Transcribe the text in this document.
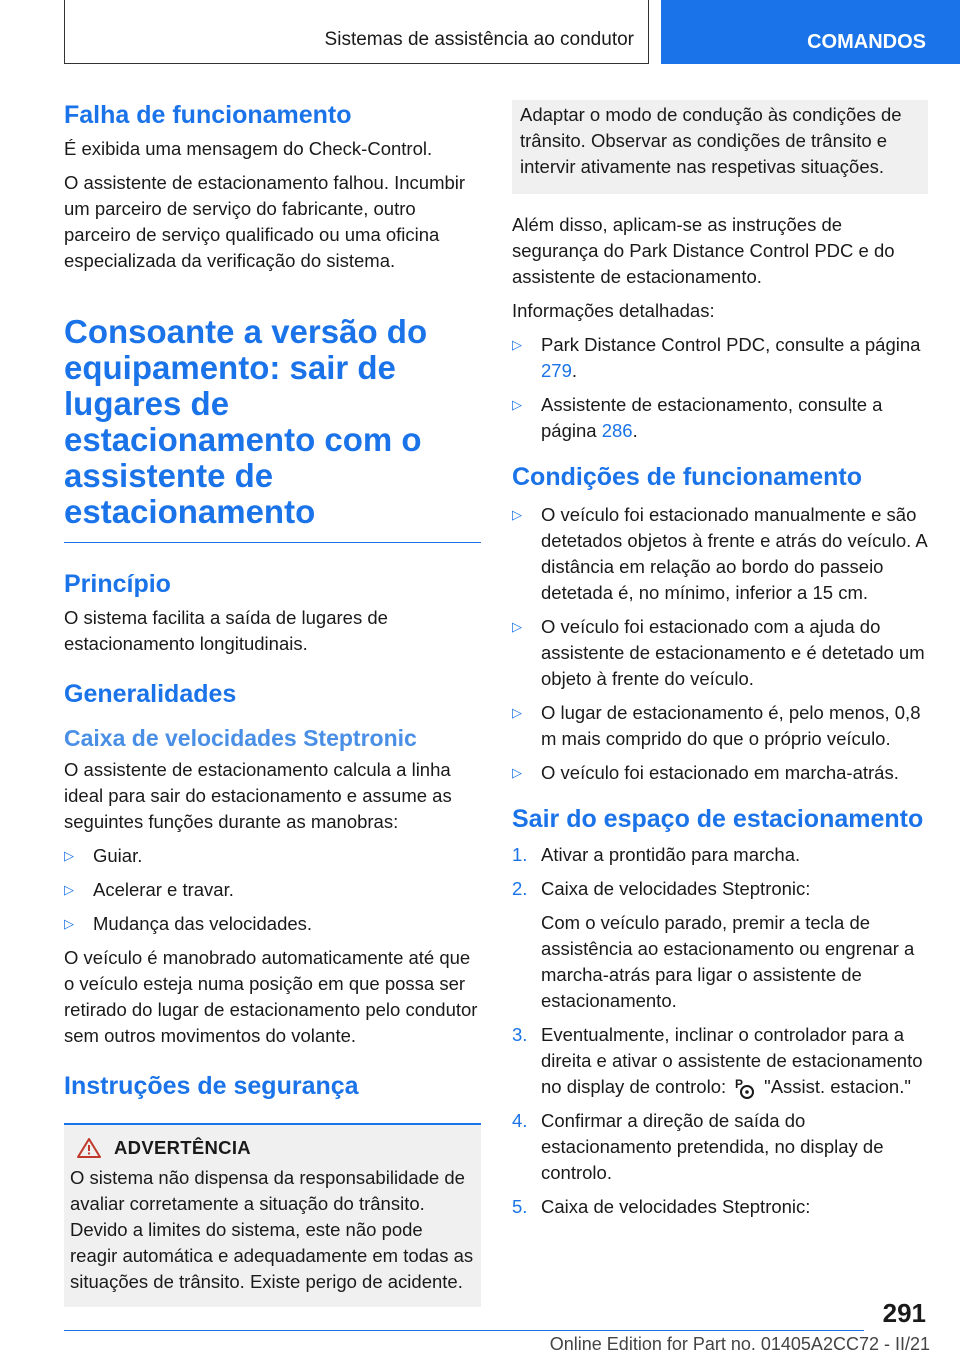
Sistemas de assistência ao condutor	COMANDOS
Falha de funcionamento

É exibida uma mensagem do Check-Control.

O assistente de estacionamento falhou. Incumbir um parceiro de serviço do fabricante, outro parceiro de serviço qualificado ou uma oficina especializada da verificação do sistema.

Consoante a versão do equipamento: sair de lugares de estacionamento com o assistente de estacionamento
Princípio

O sistema facilita a saída de lugares de estacionamento longitudinais.

Generalidades
Caixa de velocidades Steptronic

O assistente de estacionamento calcula a linha ideal para sair do estacionamento e assume as seguintes funções durante as manobras:

▷ Guiar.
▷ Acelerar e travar.
▷ Mudança das velocidades.

O veículo é manobrado automaticamente até que o veículo esteja numa posição em que possa ser retirado do lugar de estacionamento pelo condutor sem outros movimentos do volante.

Instruções de segurança
ADVERTÊNCIA

O sistema não dispensa da responsabilidade de avaliar corretamente a situação do trânsito. Devido a limites do sistema, este não pode reagir automática e adequadamente em todas as situações de trânsito. Existe perigo de acidente.

Adaptar o modo de condução às condições de trânsito. Observar as condições de trânsito e intervir ativamente nas respetivas situações.

Além disso, aplicam-se as instruções de segurança do Park Distance Control PDC e do assistente de estacionamento.

Informações detalhadas:

▷ Park Distance Control PDC, consulte a página 279.
▷ Assistente de estacionamento, consulte a página 286.
Condições de funcionamento
▷ O veículo foi estacionado manualmente e são detetados objetos à frente e atrás do veículo. A distância em relação ao bordo do passeio detetada é, no mínimo, inferior a 15 cm.
▷ O veículo foi estacionado com a ajuda do assistente de estacionamento e é detetado um objeto à frente do veículo.
▷ O lugar de estacionamento é, pelo menos, 0,8 m mais comprido do que o próprio veículo.
▷ O veículo foi estacionado em marcha-atrás.
Sair do espaço de estacionamento
1. Ativar a prontidão para marcha.
2. Caixa de velocidades Steptronic:
Com o veículo parado, premir a tecla de assistência ao estacionamento ou engrenar a marcha-atrás para ligar o assistente de estacionamento.
3. Eventualmente, inclinar o controlador para a direita e ativar o assistente de estacionamento no display de controlo: P "Assist. estacion."
4. Confirmar a direção de saída do estacionamento pretendida, no display de controlo.
5. Caixa de velocidades Steptronic:
291
Online Edition for Part no. 01405A2CC72 - II/21
